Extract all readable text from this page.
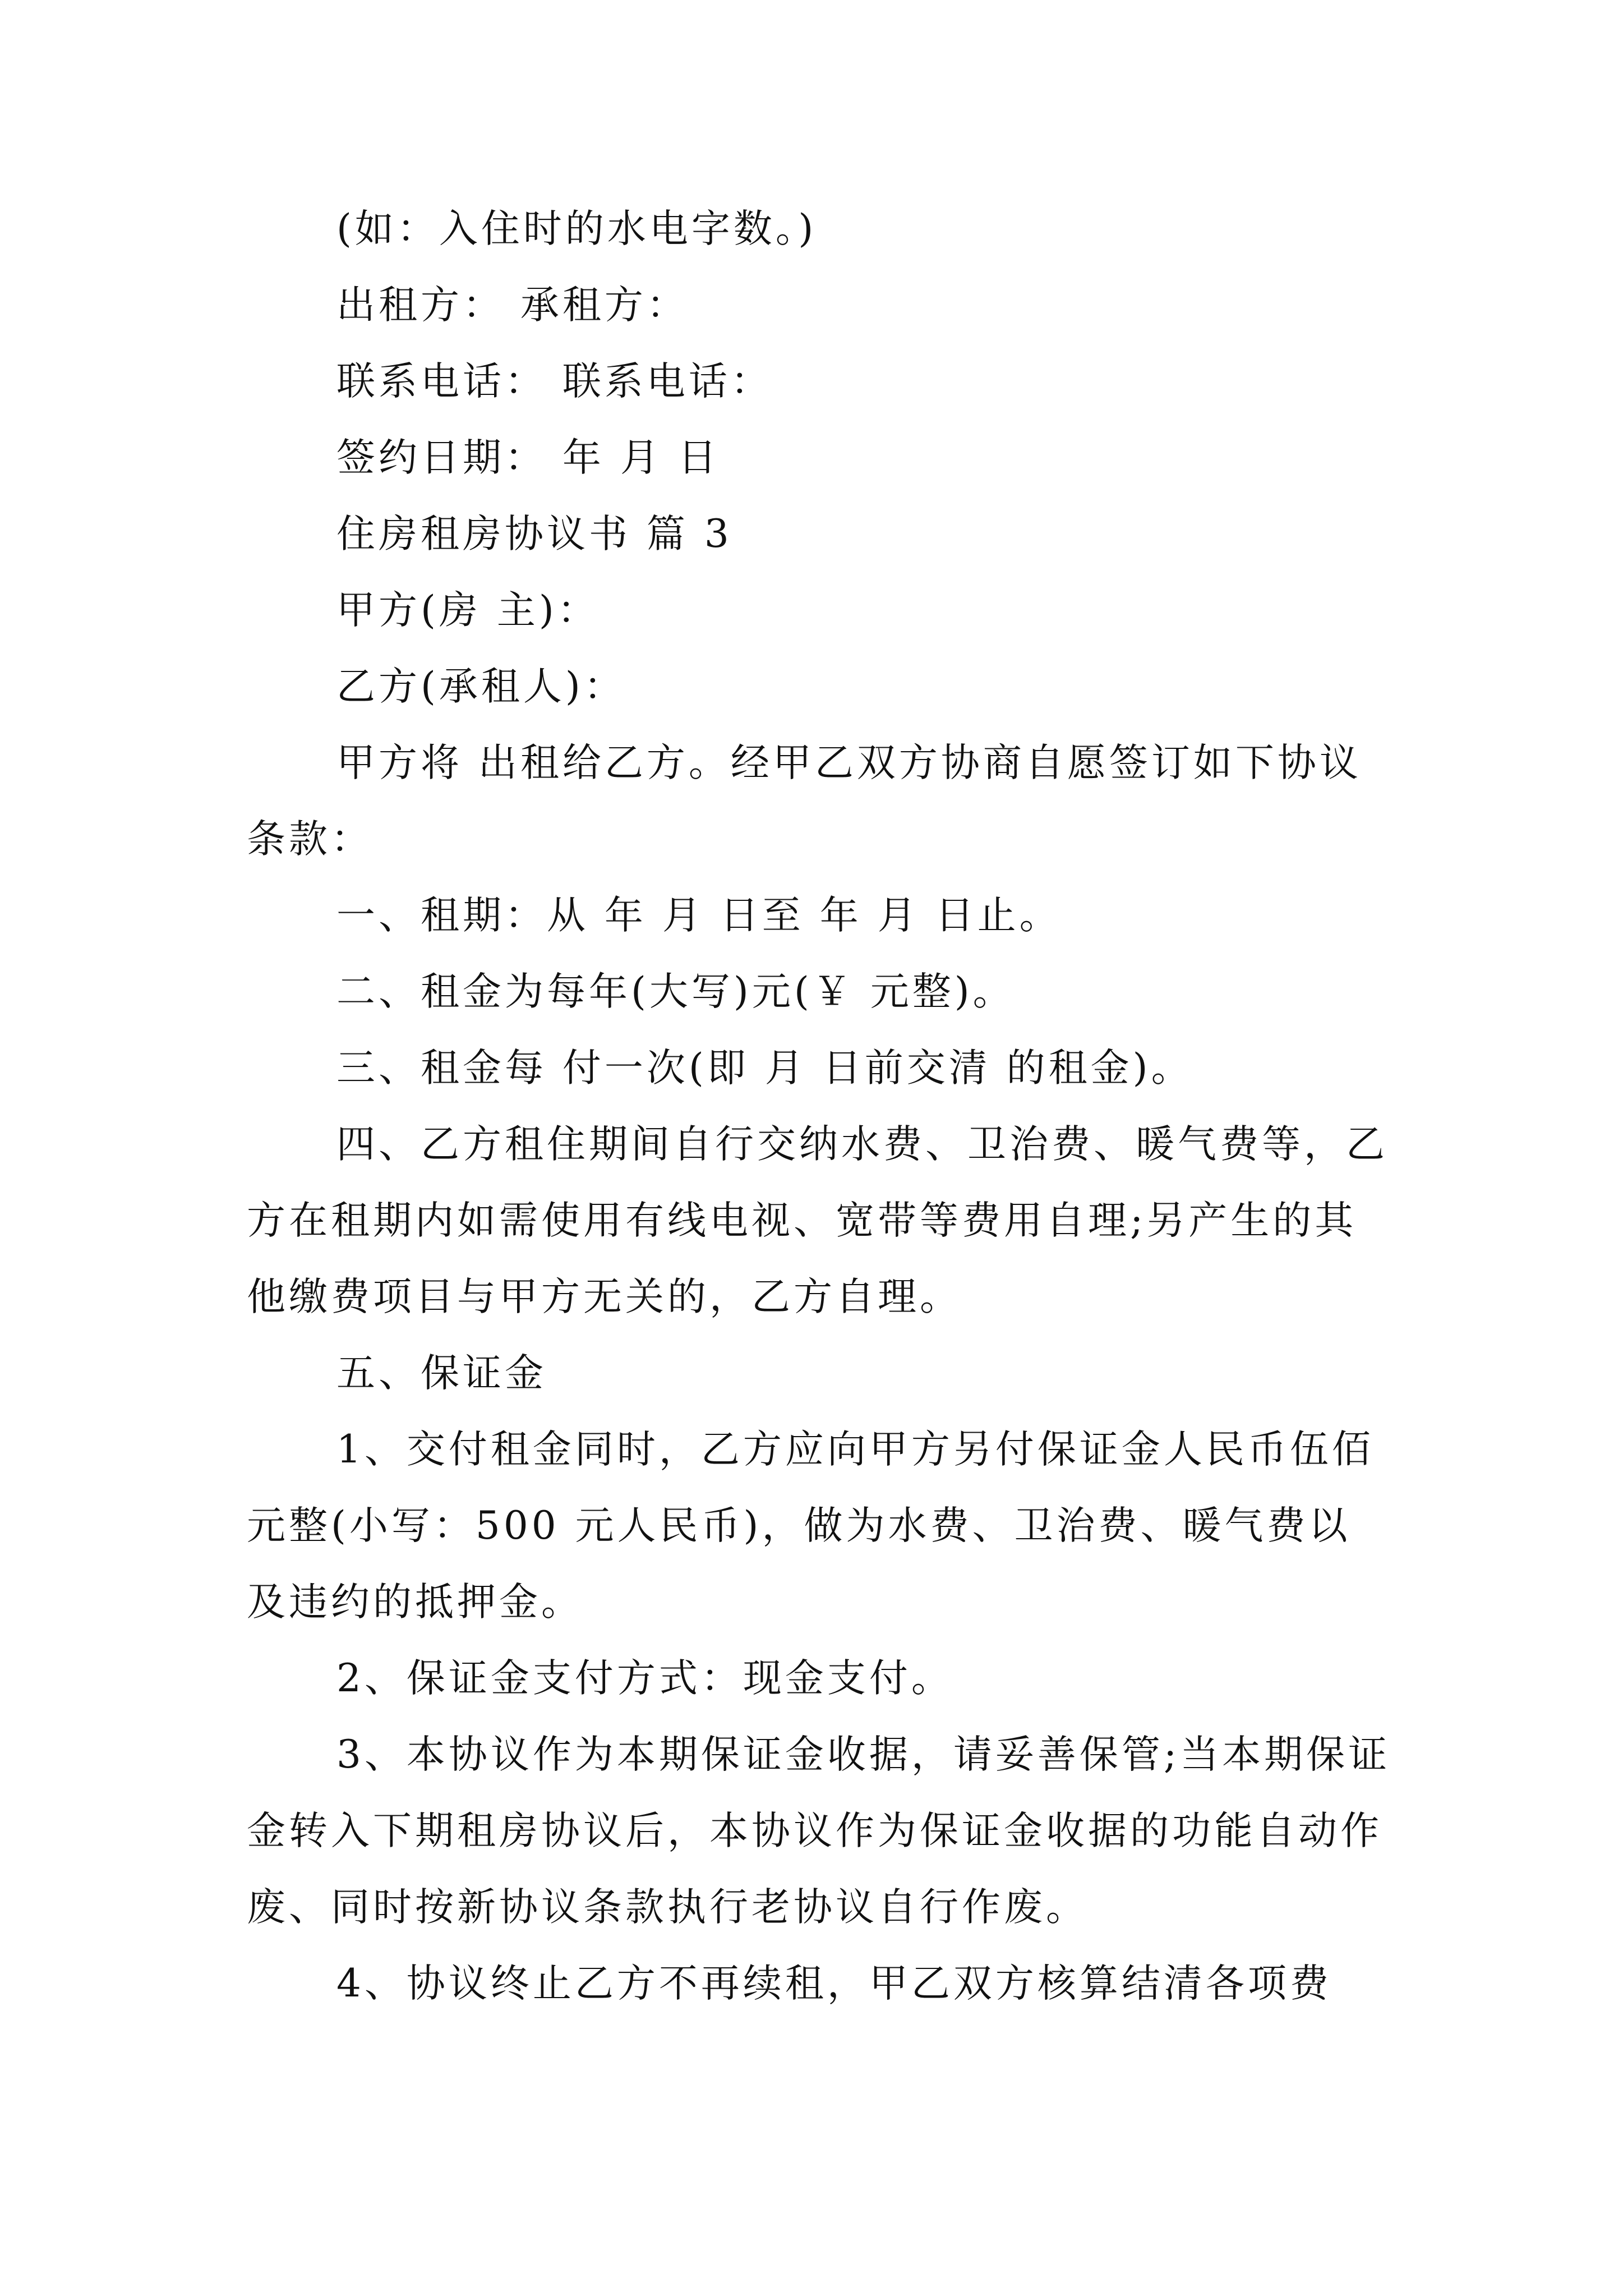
(如：入住时的水电字数。)

出租方： 承租方：

联系电话： 联系电话：

签约日期： 年 月 日

住房租房协议书 篇 3

甲方(房 主)：

乙方(承租人)：

甲方将 出租给乙方。经甲乙双方协商自愿签订如下协议条款：

一、租期：从 年 月 日至 年 月 日止。

二、租金为每年(大写)元(￥ 元整)。

三、租金每 付一次(即 月 日前交清 的租金)。

四、乙方租住期间自行交纳水费、卫治费、暖气费等，乙方在租期内如需使用有线电视、宽带等费用自理;另产生的其他缴费项目与甲方无关的，乙方自理。

五、保证金

1、交付租金同时，乙方应向甲方另付保证金人民币伍佰元整(小写：500 元人民币)，做为水费、卫治费、暖气费以及违约的抵押金。

2、保证金支付方式：现金支付。

3、本协议作为本期保证金收据，请妥善保管;当本期保证金转入下期租房协议后，本协议作为保证金收据的功能自动作废、同时按新协议条款执行老协议自行作废。

4、协议终止乙方不再续租，甲乙双方核算结清各项费
